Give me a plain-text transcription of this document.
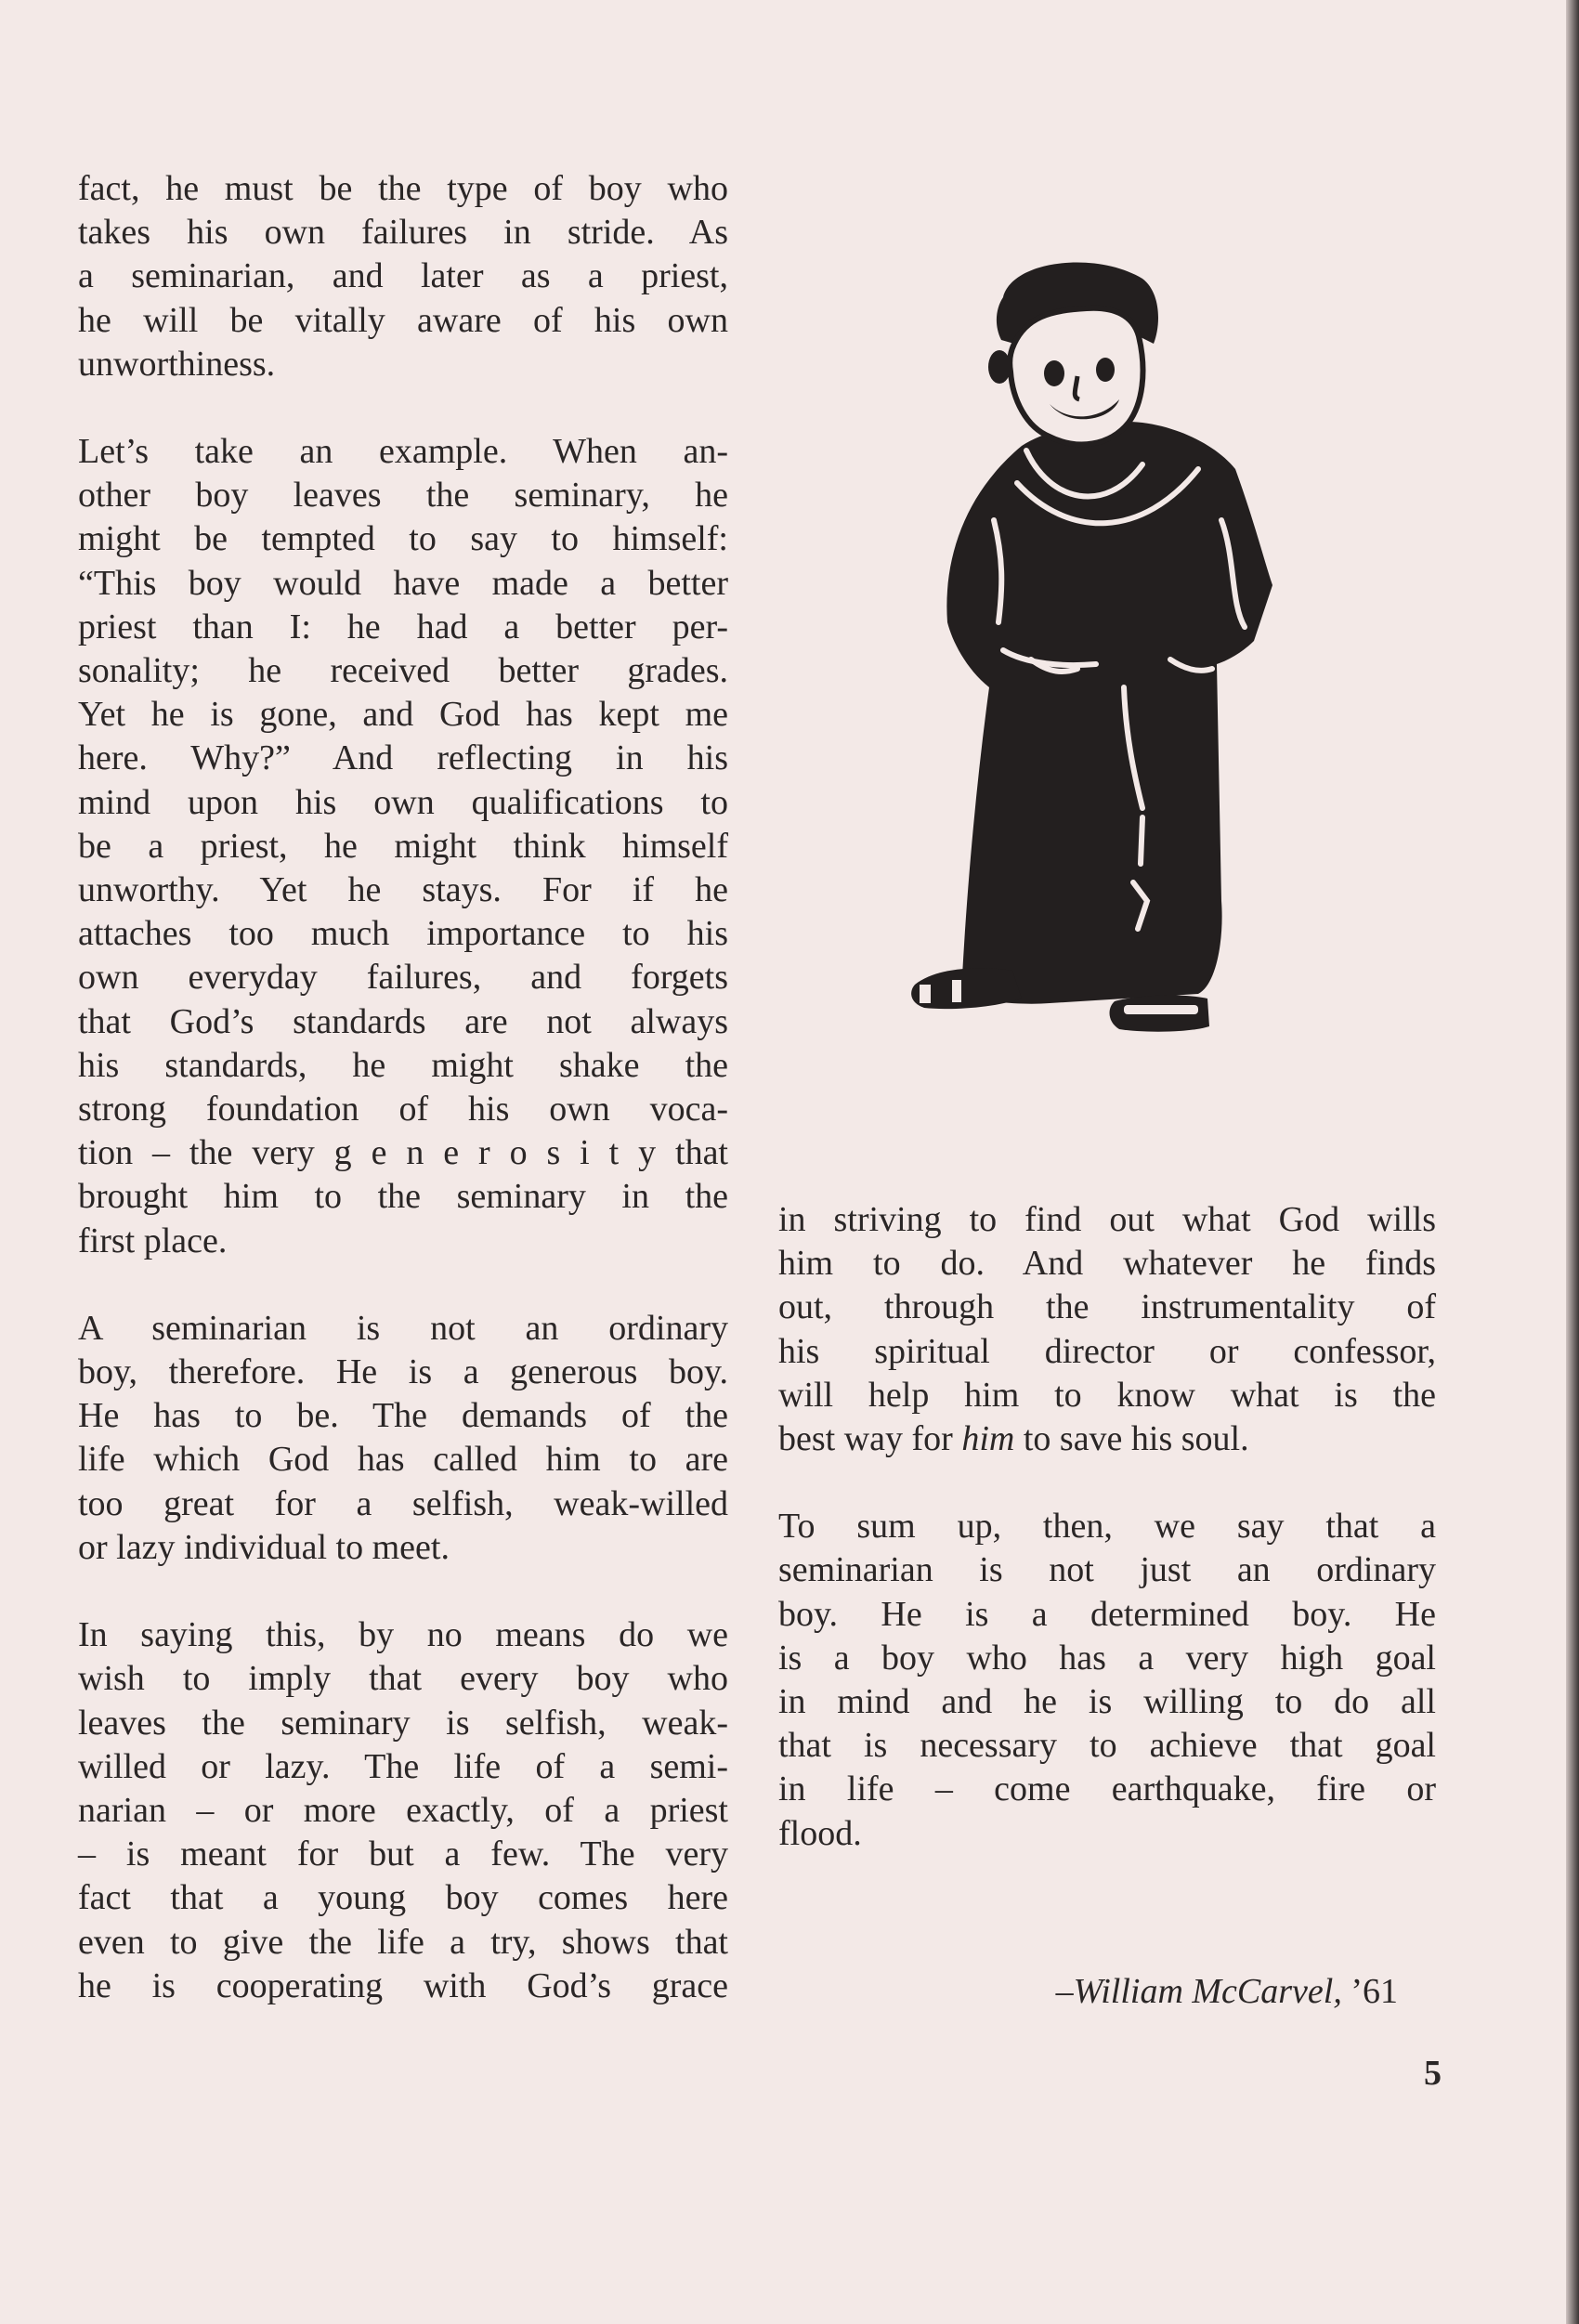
fact, he must be the type of boy who
takes his own failures in stride. As
a seminarian, and later as a priest,
he will be vitally aware of his own
unworthiness.

Let’s take an example. When an-
other boy leaves the seminary, he
might be tempted to say to himself:
“This boy would have made a better
priest than I: he had a better per-
sonality; he received better grades.
Yet he is gone, and God has kept me
here. Why?” And reflecting in his
mind upon his own qualifications to
be a priest, he might think himself
unworthy. Yet he stays. For if he
attaches too much importance to his
own everyday failures, and forgets
that God’s standards are not always
his standards, he might shake the
strong foundation of his own voca-
tion – the very g e n e r o s i t y that
brought him to the seminary in the
first place.

A seminarian is not an ordinary
boy, therefore. He is a generous boy.
He has to be. The demands of the
life which God has called him to are
too great for a selfish, weak-willed
or lazy individual to meet.

In saying this, by no means do we
wish to imply that every boy who
leaves the seminary is selfish, weak-
willed or lazy. The life of a semi-
narian – or more exactly, of a priest
– is meant for but a few. The very
fact that a young boy comes here
even to give the life a try, shows that
he is cooperating with God’s grace

in striving to find out what God wills
him to do. And whatever he finds
out, through the instrumentality of
his spiritual director or confessor,
will help him to know what is the
best way for him to save his soul.

To sum up, then, we say that a
seminarian is not just an ordinary
boy. He is a determined boy. He
is a boy who has a very high goal
in mind and he is willing to do all
that is necessary to achieve that goal
in life – come earthquake, fire or
flood.

–William McCarvel, ’61
5
